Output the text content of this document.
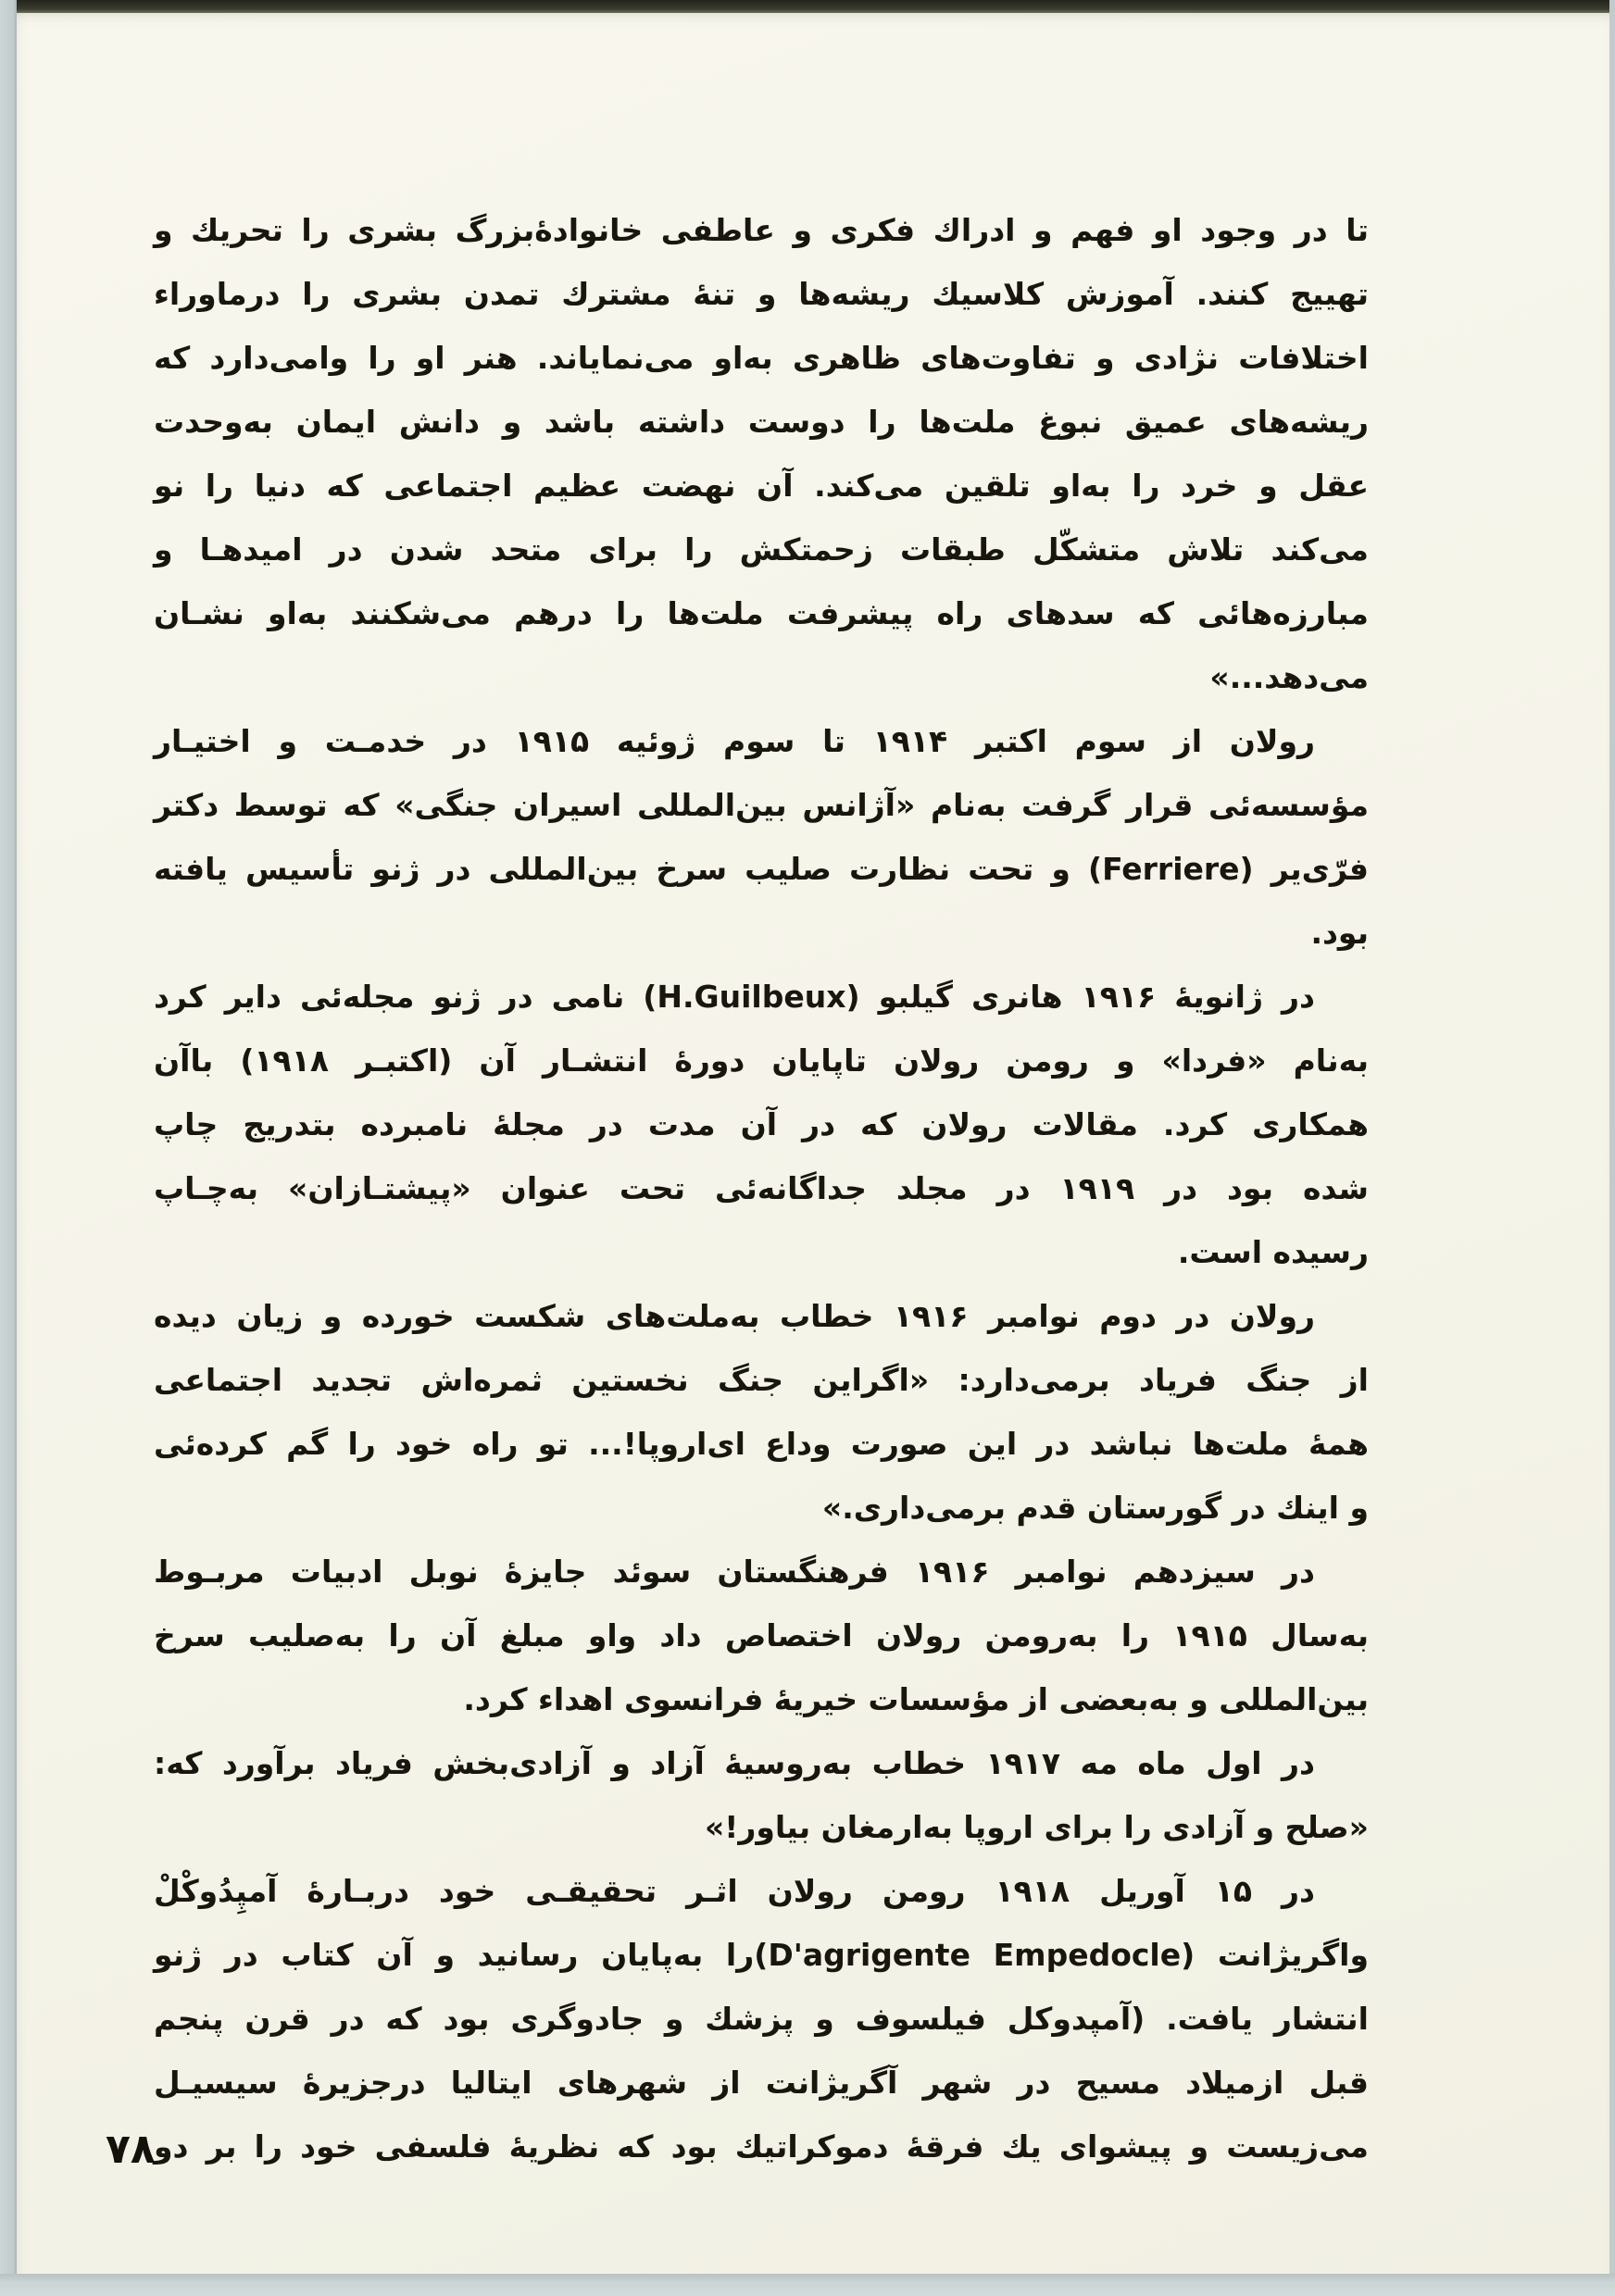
تا در وجود او فهم و ادراك فكرى و عاطفى خانوادهٔ‌بزرگ بشرى را تحريك و
تهييج كنند. آموزش كلاسيك ريشه‌ها و تنهٔ مشترك تمدن بشرى را درماوراء
اختلافات نژادى و تفاوت‌هاى ظاهرى به‌او مى‌نماياند. هنر او را وامى‌دارد كه
ريشه‌هاى عميق نبوغ ملت‌ها را دوست داشته باشد و دانش ايمان به‌وحدت
عقل و خرد را به‌او تلقين مى‌كند. آن نهضت عظيم اجتماعى كه دنيا را نو
مى‌كند تلاش متشكّل طبقات زحمتكش را براى متحد شدن در اميدهـا و
مبارزه‌هائى كه سدهاى راه پيشرفت ملت‌ها را درهم مى‌شكنند به‌او نشـان
مى‌دهد...»

رولان از سوم اكتبر ۱۹۱۴ تا سوم ژوئيه ۱۹۱۵ در خدمـت و اختيـار
مؤسسه‌ئى قرار گرفت به‌نام «آژانس بين‌المللى اسيران جنگى» كه توسط دكتر
فرّى‌ير (Ferriere) و تحت نظارت صليب سرخ بين‌المللى در ژنو تأسيس يافته
بود.

در ژانويهٔ ۱۹۱۶ هانرى گيلبو (H.Guilbeux) نامى در ژنو مجله‌ئى داير كرد
به‌نام «فردا» و رومن رولان تاپايان دورهٔ انتشـار آن (اكتبـر ۱۹۱۸) باآن
همكارى كرد. مقالات رولان كه در آن مدت در مجلهٔ نامبرده بتدريج چاپ
شده بود در ۱۹۱۹ در مجلد جداگانه‌ئى تحت عنوان «پيشتـازان» به‌چـاپ
رسيده است.

رولان در دوم نوامبر ۱۹۱۶ خطاب به‌ملت‌هاى شكست خورده و زيان ديده
از جنگ فرياد برمى‌دارد: «اگراين جنگ نخستين ثمره‌اش تجديد اجتماعى
همهٔ ملت‌ها نباشد در اين صورت وداع اى‌اروپا!... تو راه خود را گم كرده‌ئى
و اينك در گورستان قدم برمى‌دارى.»

در سيزدهم نوامبر ۱۹۱۶ فرهنگستان سوئد جايزهٔ نوبل ادبيات مربـوط
به‌سال ۱۹۱۵ را به‌رومن رولان اختصاص داد واو مبلغ آن را به‌صليب سرخ
بين‌المللى و به‌بعضى از مؤسسات خيريهٔ فرانسوى اهداء كرد.

در اول ماه مه ۱۹۱۷ خطاب به‌روسيهٔ آزاد و آزادى‌بخش فرياد برآورد كه:
«صلح و آزادى را براى اروپا به‌ارمغان بياور!»

در ۱۵ آوريل ۱۹۱۸ رومن رولان اثـر تحقيقـى خود دربـارهٔ آمپِدُوكْلْ
واگريژانت (D'agrigente Empedocle)را به‌پايان رسانيد و آن كتاب در ژنو
انتشار يافت. (آمپدوكل فيلسوف و پزشك و جادوگرى بود كه در قرن پنجم
قبل ازميلاد مسيح در شهر آگريژانت از شهرهاى ايتاليا درجزيرهٔ سيسيـل
مى‌زيست و پيشواى يك فرقهٔ دموكراتيك بود كه نظريهٔ فلسفى خود را بر دو

۷۸
